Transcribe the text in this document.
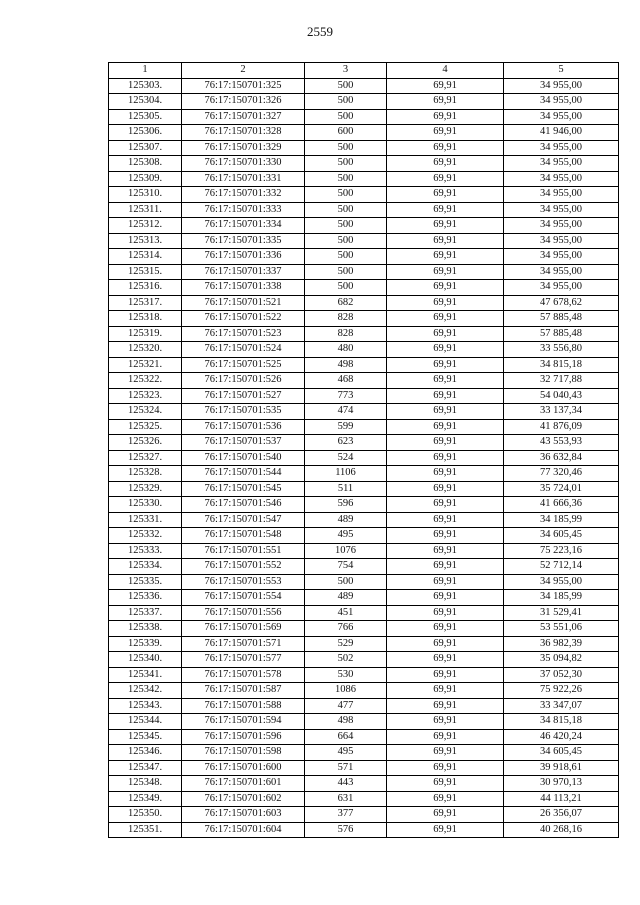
2559
1	2	3	4	5
125303.	76:17:150701:325	500	69,91	34 955,00
125304.	76:17:150701:326	500	69,91	34 955,00
125305.	76:17:150701:327	500	69,91	34 955,00
125306.	76:17:150701:328	600	69,91	41 946,00
125307.	76:17:150701:329	500	69,91	34 955,00
125308.	76:17:150701:330	500	69,91	34 955,00
125309.	76:17:150701:331	500	69,91	34 955,00
125310.	76:17:150701:332	500	69,91	34 955,00
125311.	76:17:150701:333	500	69,91	34 955,00
125312.	76:17:150701:334	500	69,91	34 955,00
125313.	76:17:150701:335	500	69,91	34 955,00
125314.	76:17:150701:336	500	69,91	34 955,00
125315.	76:17:150701:337	500	69,91	34 955,00
125316.	76:17:150701:338	500	69,91	34 955,00
125317.	76:17:150701:521	682	69,91	47 678,62
125318.	76:17:150701:522	828	69,91	57 885,48
125319.	76:17:150701:523	828	69,91	57 885,48
125320.	76:17:150701:524	480	69,91	33 556,80
125321.	76:17:150701:525	498	69,91	34 815,18
125322.	76:17:150701:526	468	69,91	32 717,88
125323.	76:17:150701:527	773	69,91	54 040,43
125324.	76:17:150701:535	474	69,91	33 137,34
125325.	76:17:150701:536	599	69,91	41 876,09
125326.	76:17:150701:537	623	69,91	43 553,93
125327.	76:17:150701:540	524	69,91	36 632,84
125328.	76:17:150701:544	1106	69,91	77 320,46
125329.	76:17:150701:545	511	69,91	35 724,01
125330.	76:17:150701:546	596	69,91	41 666,36
125331.	76:17:150701:547	489	69,91	34 185,99
125332.	76:17:150701:548	495	69,91	34 605,45
125333.	76:17:150701:551	1076	69,91	75 223,16
125334.	76:17:150701:552	754	69,91	52 712,14
125335.	76:17:150701:553	500	69,91	34 955,00
125336.	76:17:150701:554	489	69,91	34 185,99
125337.	76:17:150701:556	451	69,91	31 529,41
125338.	76:17:150701:569	766	69,91	53 551,06
125339.	76:17:150701:571	529	69,91	36 982,39
125340.	76:17:150701:577	502	69,91	35 094,82
125341.	76:17:150701:578	530	69,91	37 052,30
125342.	76:17:150701:587	1086	69,91	75 922,26
125343.	76:17:150701:588	477	69,91	33 347,07
125344.	76:17:150701:594	498	69,91	34 815,18
125345.	76:17:150701:596	664	69,91	46 420,24
125346.	76:17:150701:598	495	69,91	34 605,45
125347.	76:17:150701:600	571	69,91	39 918,61
125348.	76:17:150701:601	443	69,91	30 970,13
125349.	76:17:150701:602	631	69,91	44 113,21
125350.	76:17:150701:603	377	69,91	26 356,07
125351.	76:17:150701:604	576	69,91	40 268,16
